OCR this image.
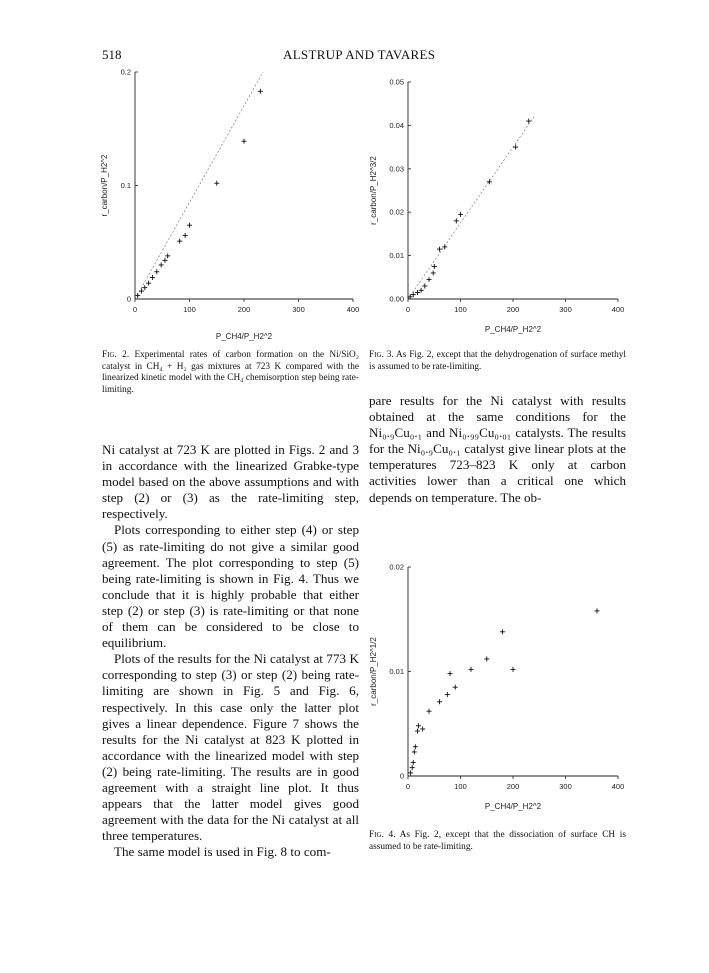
518	ALSTRUP AND TAVARES
0	100	200	300	400
0
0.1
0.2
r_carbon/P_H2^2
P_CH4/P_H2^2
0	100	200	300	400
0.00
0.01
0.02
0.03
0.04
0.05
r_carbon/P_H2^3/2
P_CH4/P_H2^2
0	100	200	300	400
0
0.01
0.02
r_carbon/P_H2^1/2
P_CH4/P_H2^2
Fig. 2. Experimental rates of carbon formation on the Ni/SiO₂ catalyst in CH₄ + H₂ gas mixtures at 723 K compared with the linearized kinetic model with the CH₄ chemisorption step being rate-limiting.
Fig. 3. As Fig. 2, except that the dehydrogenation of surface methyl is assumed to be rate-limiting.
Fig. 4. As Fig. 2, except that the dissociation of surface CH is assumed to be rate-limiting.

Ni catalyst at 723 K are plotted in Figs. 2 and 3 in accordance with the linearized Grabke-type model based on the above assumptions and with step (2) or (3) as the rate-limiting step, respectively.

Plots corresponding to either step (4) or step (5) as rate-limiting do not give a similar good agreement. The plot corresponding to step (5) being rate-limiting is shown in Fig. 4. Thus we conclude that it is highly probable that either step (2) or step (3) is rate-limiting or that none of them can be considered to be close to equilibrium.

Plots of the results for the Ni catalyst at 773 K corresponding to step (3) or step (2) being rate-limiting are shown in Fig. 5 and Fig. 6, respectively. In this case only the latter plot gives a linear dependence. Figure 7 shows the results for the Ni catalyst at 823 K plotted in accordance with the linearized model with step (2) being rate-limiting. The results are in good agreement with a straight line plot. It thus appears that the latter model gives good agreement with the data for the Ni catalyst at all three temperatures.

The same model is used in Fig. 8 to com-

pare results for the Ni catalyst with results obtained at the same conditions for the Ni₀.₉Cu₀.₁ and Ni₀.₉₉Cu₀.₀₁ catalysts. The results for the Ni₀.₉Cu₀.₁ catalyst give linear plots at the temperatures 723–823 K only at carbon activities lower than a critical one which depends on temperature. The ob-
